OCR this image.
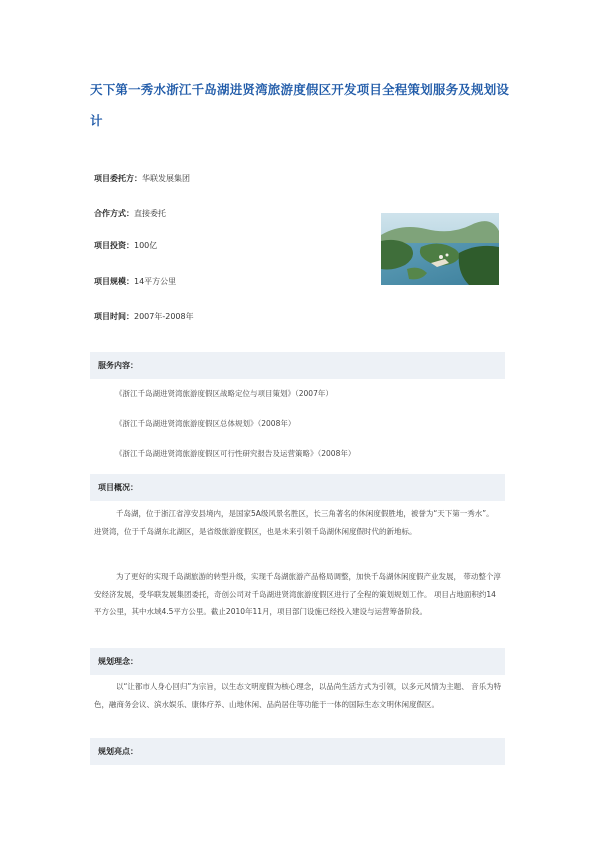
天下第一秀水浙江千岛湖进贤湾旅游度假区开发项目全程策划服务及规划设计
项目委托方：华联发展集团
合作方式：直接委托
项目投资：100亿
项目规模：14平方公里
项目时间：2007年-2008年
服务内容：
《浙江千岛湖进贤湾旅游度假区战略定位与项目策划》（2007年）
《浙江千岛湖进贤湾旅游度假区总体规划》（2008年）
《浙江千岛湖进贤湾旅游度假区可行性研究报告及运营策略》（2008年）
项目概况：

千岛湖，位于浙江省淳安县境内，是国家5A级风景名胜区，长三角著名的休闲度假胜地，被誉为“天下第一秀水”。 进贤湾，位于千岛湖东北湖区，是省级旅游度假区，也是未来引领千岛湖休闲度假时代的新地标。

为了更好的实现千岛湖旅游的转型升级，实现千岛湖旅游产品格局调整，加快千岛湖休闲度假产业发展， 带动整个淳安经济发展，受华联发展集团委托，奇创公司对千岛湖进贤湾旅游度假区进行了全程的策划规划工作。 项目占地面积约14平方公里，其中水域4.5平方公里。截止2010年11月，项目部门设施已经投入建设与运营筹备阶段。

规划理念：

以“让都市人身心回归”为宗旨，以生态文明度假为核心理念，以品尚生活方式为引领，以多元风情为主题、 音乐为特色，融商务会议、滨水娱乐、康体疗养、山地休闲、品尚居住等功能于一体的国际生态文明休闲度假区。

规划亮点：
